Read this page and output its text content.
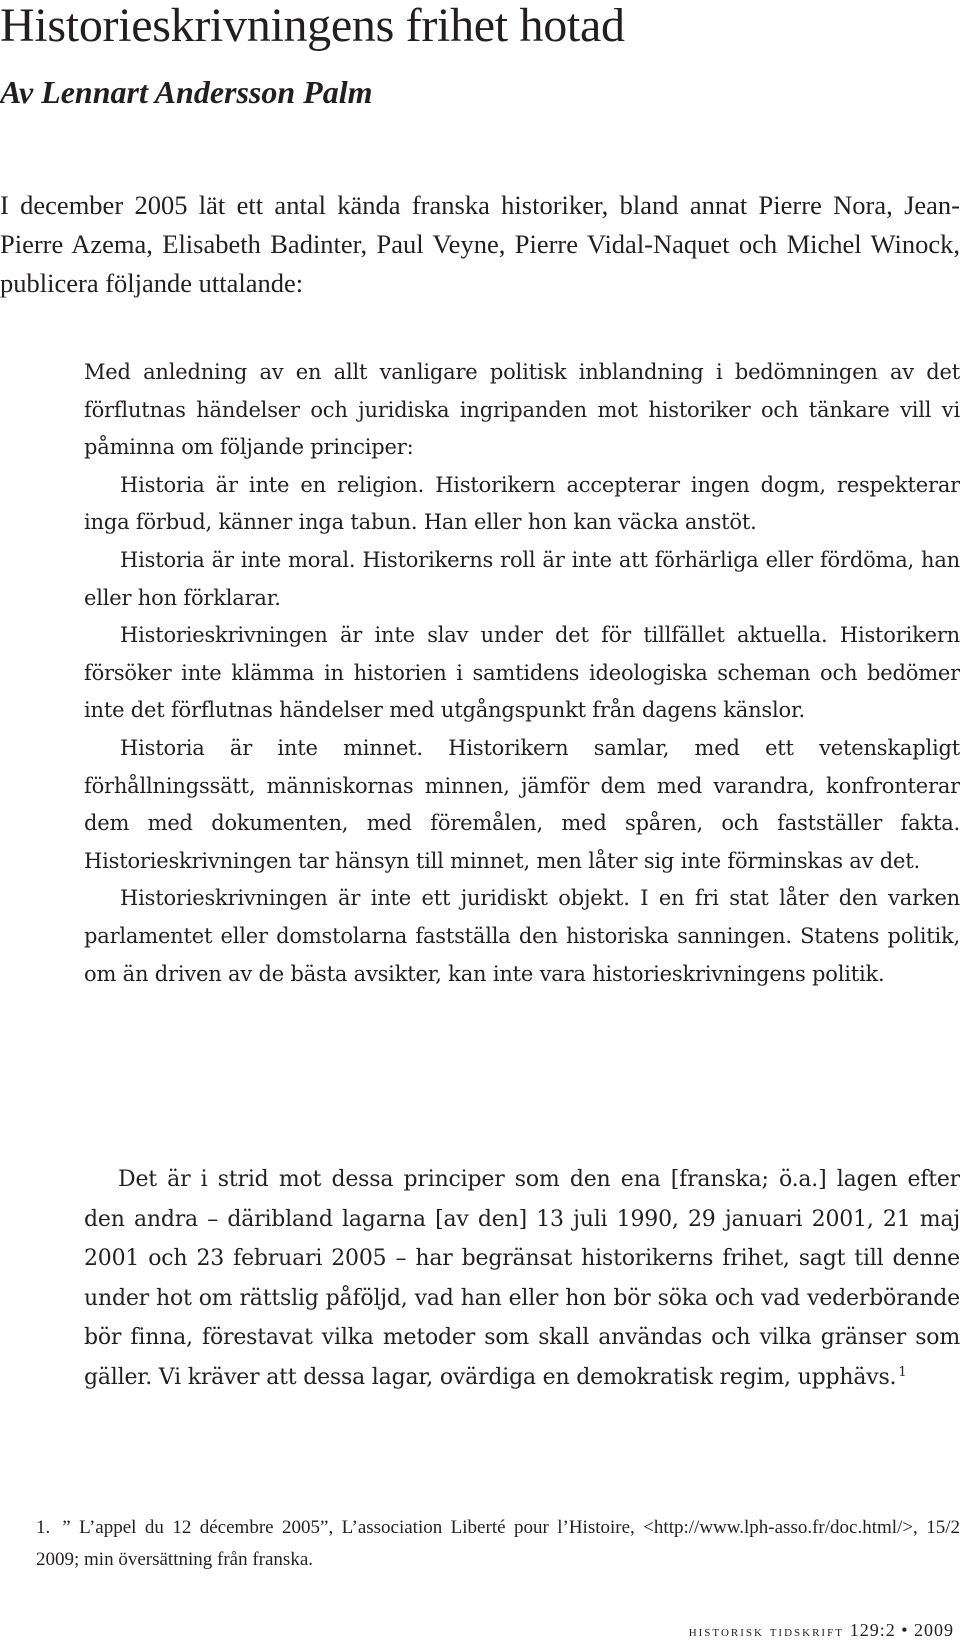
Historieskrivningens frihet hotad
Av Lennart Andersson Palm

I december 2005 lät ett antal kända franska historiker, bland annat Pierre Nora, Jean-Pierre Azema, Elisabeth Badinter, Paul Veyne, Pierre Vidal-Naquet och Michel Winock, publicera följande uttalande:

Med anledning av en allt vanligare politisk inblandning i bedömningen av det förflutnas händelser och juridiska ingripanden mot historiker och tänkare vill vi påminna om följande principer:

Historia är inte en religion. Historikern accepterar ingen dogm, respekterar inga förbud, känner inga tabun. Han eller hon kan väcka anstöt.

Historia är inte moral. Historikerns roll är inte att förhärliga eller fördöma, han eller hon förklarar.

Historieskrivningen är inte slav under det för tillfället aktuella. Historikern försöker inte klämma in historien i samtidens ideologiska scheman och bedömer inte det förflutnas händelser med utgångspunkt från dagens känslor.

Historia är inte minnet. Historikern samlar, med ett vetenskapligt förhållningssätt, människornas minnen, jämför dem med varandra, konfronterar dem med dokumenten, med föremålen, med spåren, och fastställer fakta. Historieskrivningen tar hänsyn till minnet, men låter sig inte förminskas av det.

Historieskrivningen är inte ett juridiskt objekt. I en fri stat låter den varken parlamentet eller domstolarna fastställa den historiska sanningen. Statens politik, om än driven av de bästa avsikter, kan inte vara historieskrivningens politik.

Det är i strid mot dessa principer som den ena [franska; ö.a.] lagen efter den andra – däribland lagarna [av den] 13 juli 1990, 29 januari 2001, 21 maj 2001 och 23 februari 2005 – har begränsat historikerns frihet, sagt till denne under hot om rättslig påföljd, vad han eller hon bör söka och vad vederbörande bör finna, förestavat vilka metoder som skall användas och vilka gränser som gäller. Vi kräver att dessa lagar, ovärdiga en demokratisk regim, upphävs. $^1$

1. ” L’appel du 12 décembre 2005”, L’association Liberté pour l’Histoire, <http://www.lph-asso.fr/doc.html/>, 15/2 2009; min översättning från franska.

historisk tidskrift 129:2 • 2009
